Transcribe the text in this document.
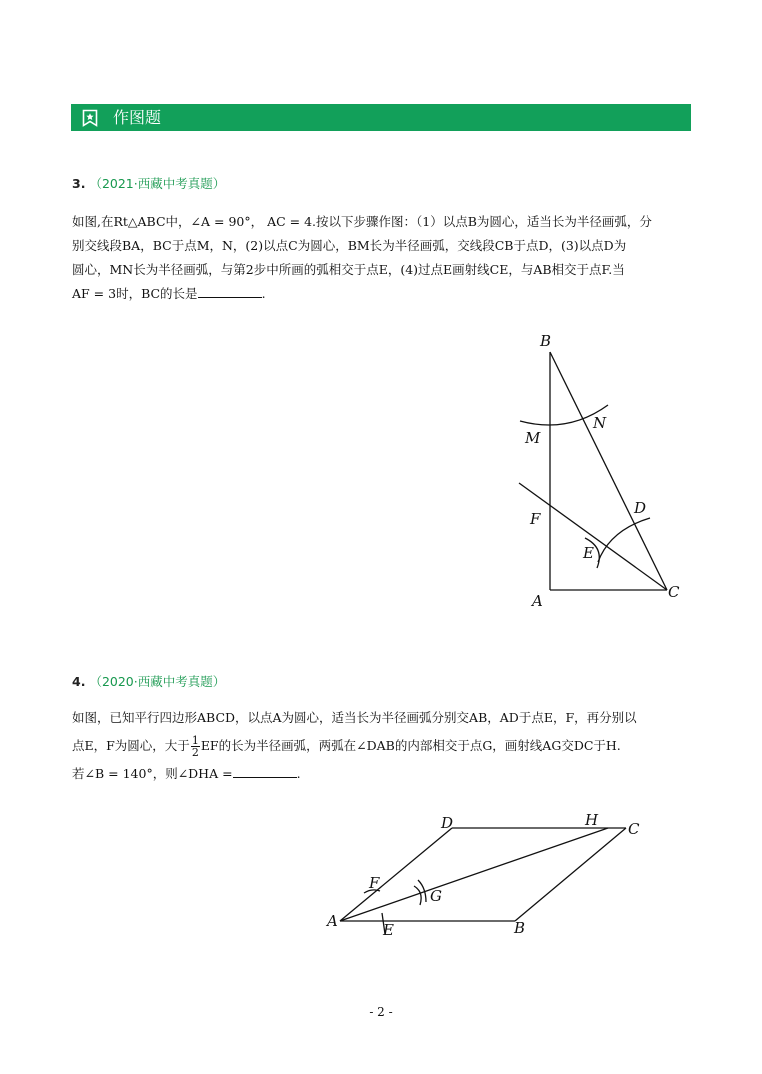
作图题
3. （2021·西藏中考真题）
如图,在Rt△ABC中，∠A = 90°， AC = 4.按以下步骤作图：（1）以点B为圆心，适当长为半径画弧，分
别交线段BA，BC于点M，N，(2)以点C为圆心，BM长为半径画弧，交线段CB于点D，(3)以点D为
圆心，MN长为半径画弧，与第2步中所画的弧相交于点E，(4)过点E画射线CE，与AB相交于点F.当
AF = 3时，BC的长是	.
B
N
M
D
F
E
A	C
4. （2020·西藏中考真题）
如图，已知平行四边形ABCD，以点A为圆心，适当长为半径画弧分别交AB，AD于点E，F，再分别以
点E，F为圆心，大于 $\frac{1}{2}$ EF的长为半径画弧，两弧在∠DAB的内部相交于点G，画射线AG交DC于H.
若∠B = 140°，则∠DHA =	.
D	H C
F
G
A	E	B
- 2 -
